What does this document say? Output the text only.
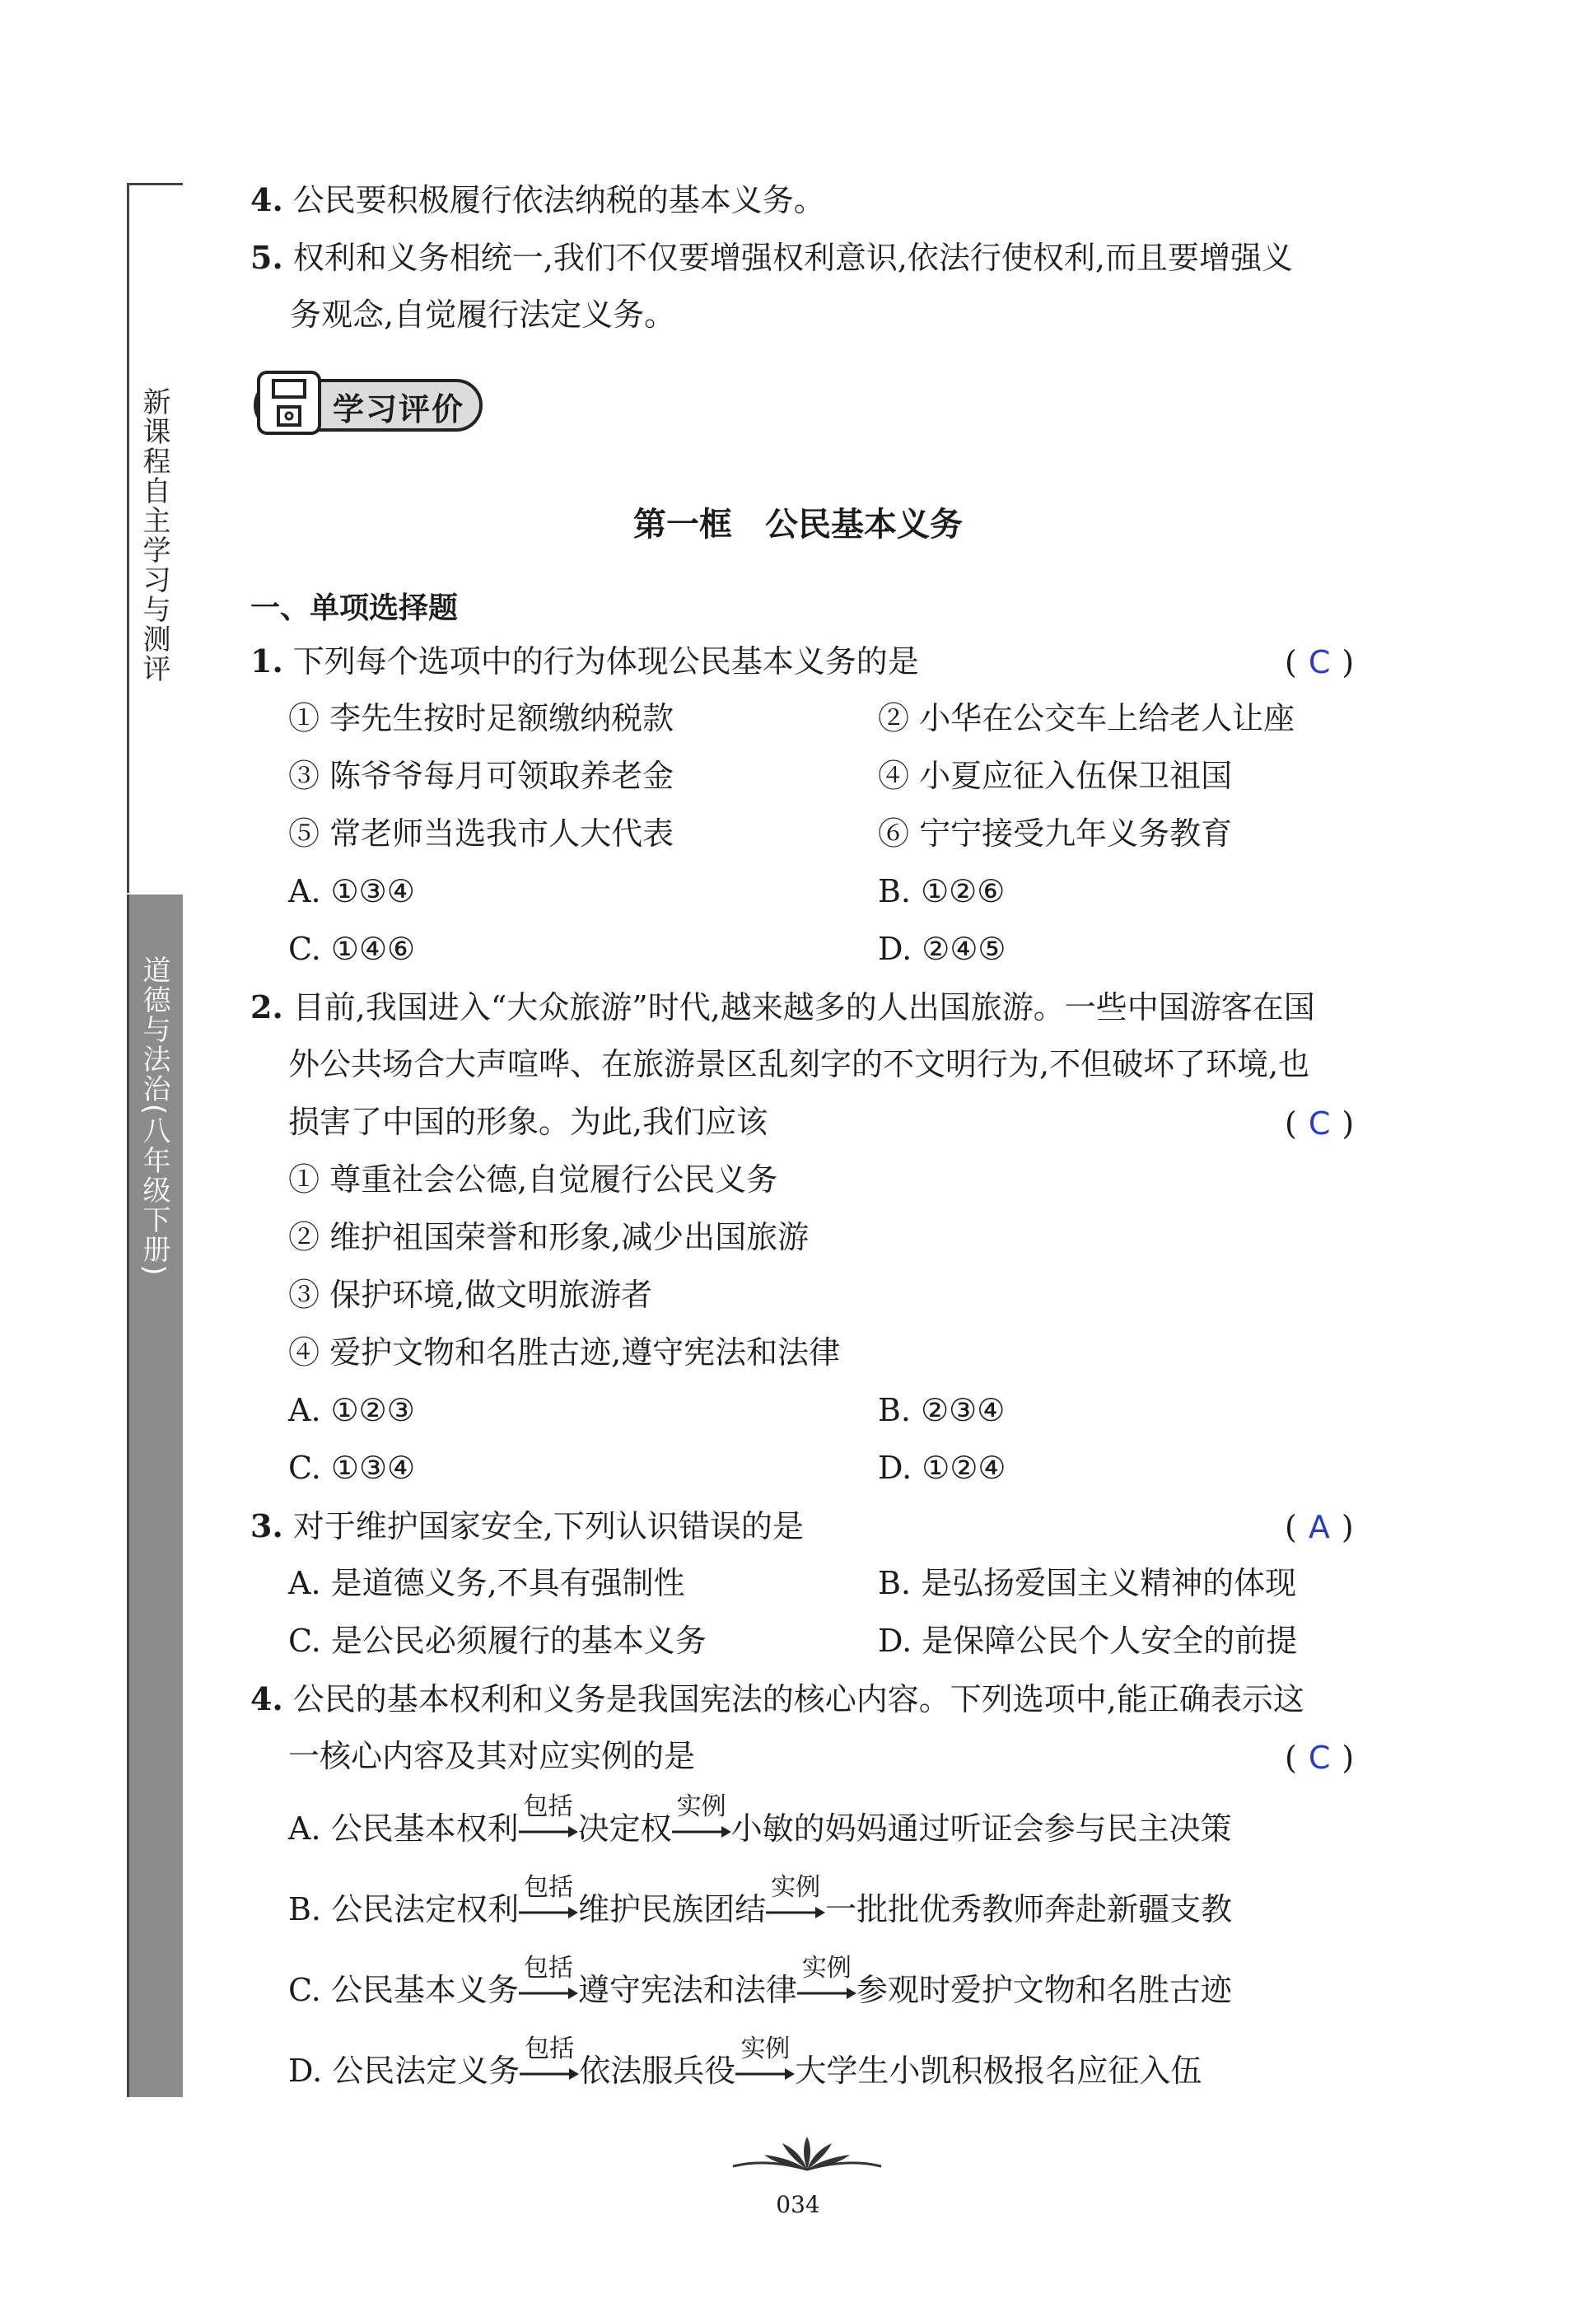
新课程自主学习与测评
道德与法治(八年级下册)
4. 公民要积极履行依法纳税的基本义务。
5. 权利和义务相统一,我们不仅要增强权利意识,依法行使权利,而且要增强义
务观念,自觉履行法定义务。
学习评价
第一框　公民基本义务
一、单项选择题
1. 下列每个选项中的行为体现公民基本义务的是	( C )
① 李先生按时足额缴纳税款	② 小华在公交车上给老人让座
③ 陈爷爷每月可领取养老金	④ 小夏应征入伍保卫祖国
⑤ 常老师当选我市人大代表	⑥ 宁宁接受九年义务教育
A. ①③④	B. ①②⑥
C. ①④⑥	D. ②④⑤
2. 目前,我国进入“大众旅游”时代,越来越多的人出国旅游。一些中国游客在国
外公共场合大声喧哗、在旅游景区乱刻字的不文明行为,不但破坏了环境,也
损害了中国的形象。为此,我们应该	( C )
① 尊重社会公德,自觉履行公民义务
② 维护祖国荣誉和形象,减少出国旅游
③ 保护环境,做文明旅游者
④ 爱护文物和名胜古迹,遵守宪法和法律
A. ①②③	B. ②③④
C. ①③④	D. ①②④
3. 对于维护国家安全,下列认识错误的是	( A )
A. 是道德义务,不具有强制性	B. 是弘扬爱国主义精神的体现
C. 是公民必须履行的基本义务	D. 是保障公民个人安全的前提
4. 公民的基本权利和义务是我国宪法的核心内容。下列选项中,能正确表示这
一核心内容及其对应实例的是	( C )
A. 公民基本权利
包括
决定权
实例
小敏的妈妈通过听证会参与民主决策
B. 公民法定权利
包括
维护民族团结
实例
一批批优秀教师奔赴新疆支教
C. 公民基本义务
包括
遵守宪法和法律
实例
参观时爱护文物和名胜古迹
D. 公民法定义务
包括
依法服兵役
实例
大学生小凯积极报名应征入伍
034
